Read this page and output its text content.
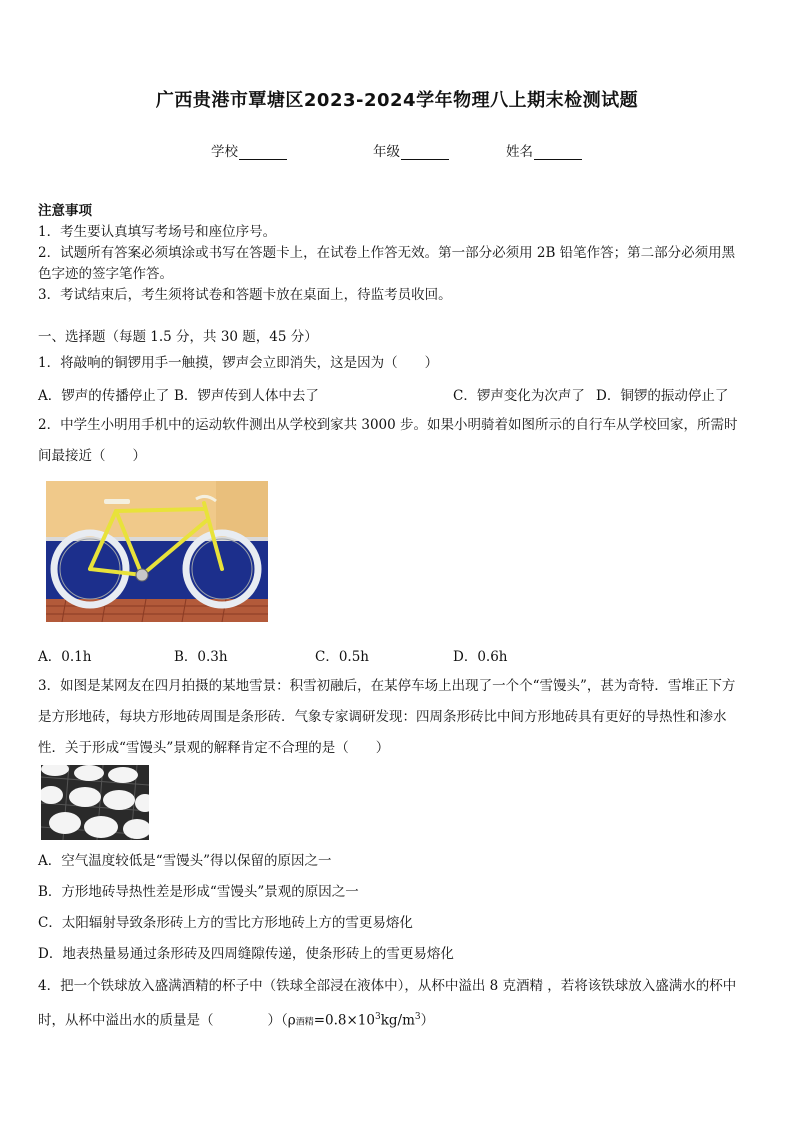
广西贵港市覃塘区2023-2024学年物理八上期末检测试题
学校	年级	姓名
注意事项
1．考生要认真填写考场号和座位序号。
2．试题所有答案必须填涂或书写在答题卡上，在试卷上作答无效。第一部分必须用 2B 铅笔作答；第二部分必须用黑
色字迹的签字笔作答。
3．考试结束后，考生须将试卷和答题卡放在桌面上，待监考员收回。
一、选择题（每题 1.5 分，共 30 题，45 分）
1．将敲响的铜锣用手一触摸，锣声会立即消失，这是因为（　　）
A．锣声的传播停止了 B．锣声传到人体中去了	C．锣声变化为次声了 D．铜锣的振动停止了
2．中学生小明用手机中的运动软件测出从学校到家共 3000 步。如果小明骑着如图所示的自行车从学校回家，所需时
间最接近（　　）
A．0.1h	B．0.3h	C．0.5h	D．0.6h
3．如图是某网友在四月拍摄的某地雪景：积雪初融后，在某停车场上出现了一个个“雪馒头”，甚为奇特．雪堆正下方
是方形地砖，每块方形地砖周围是条形砖．气象专家调研发现：四周条形砖比中间方形地砖具有更好的导热性和渗水
性．关于形成“雪馒头”景观的解释肯定不合理的是（　　）
A．空气温度较低是“雪馒头”得以保留的原因之一
B．方形地砖导热性差是形成“雪馒头”景观的原因之一
C．太阳辐射导致条形砖上方的雪比方形地砖上方的雪更易熔化
D．地表热量易通过条形砖及四周缝隙传递，使条形砖上的雪更易熔化
4．把一个铁球放入盛满酒精的杯子中（铁球全部浸在液体中），从杯中溢出 8 克酒精 ，若将该铁球放入盛满水的杯中
时，从杯中溢出水的质量是（　　　　）（ρ酒精$=0.8\times 10^3kg/m^3$）
